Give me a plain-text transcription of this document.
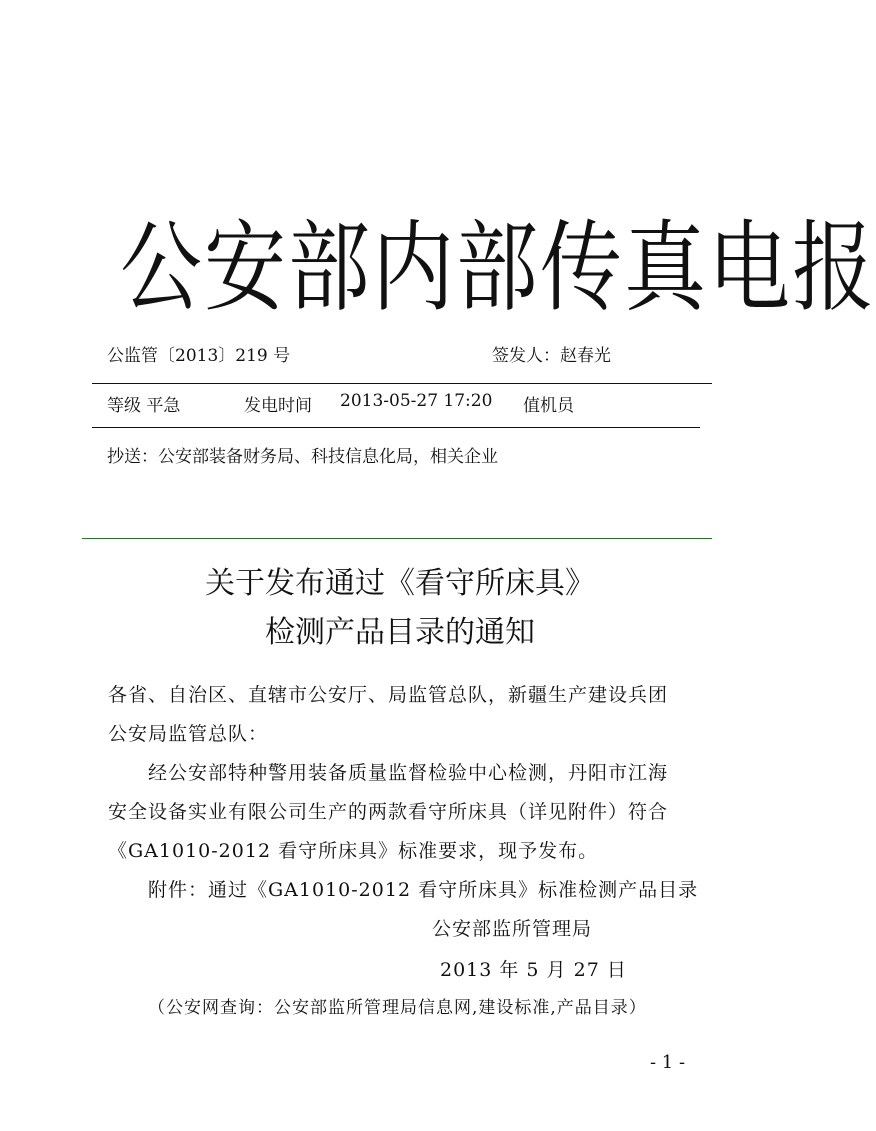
公安部内部传真电报
公监管〔2013〕219 号	签发人：赵春光
等级 平急	发电时间 2013-05-27 17:20 值机员
抄送：公安部装备财务局、科技信息化局，相关企业
关于发布通过《看守所床具》
检测产品目录的通知
各省、自治区、直辖市公安厅、局监管总队，新疆生产建设兵团
公安局监管总队：
经公安部特种警用装备质量监督检验中心检测，丹阳市江海
安全设备实业有限公司生产的两款看守所床具（详见附件）符合
《GA1010-2012 看守所床具》标准要求，现予发布。
附件：通过《GA1010-2012 看守所床具》标准检测产品目录
公安部监所管理局
2013 年 5 月 27 日
（公安网查询：公安部监所管理局信息网,建设标准,产品目录）
- 1 -
